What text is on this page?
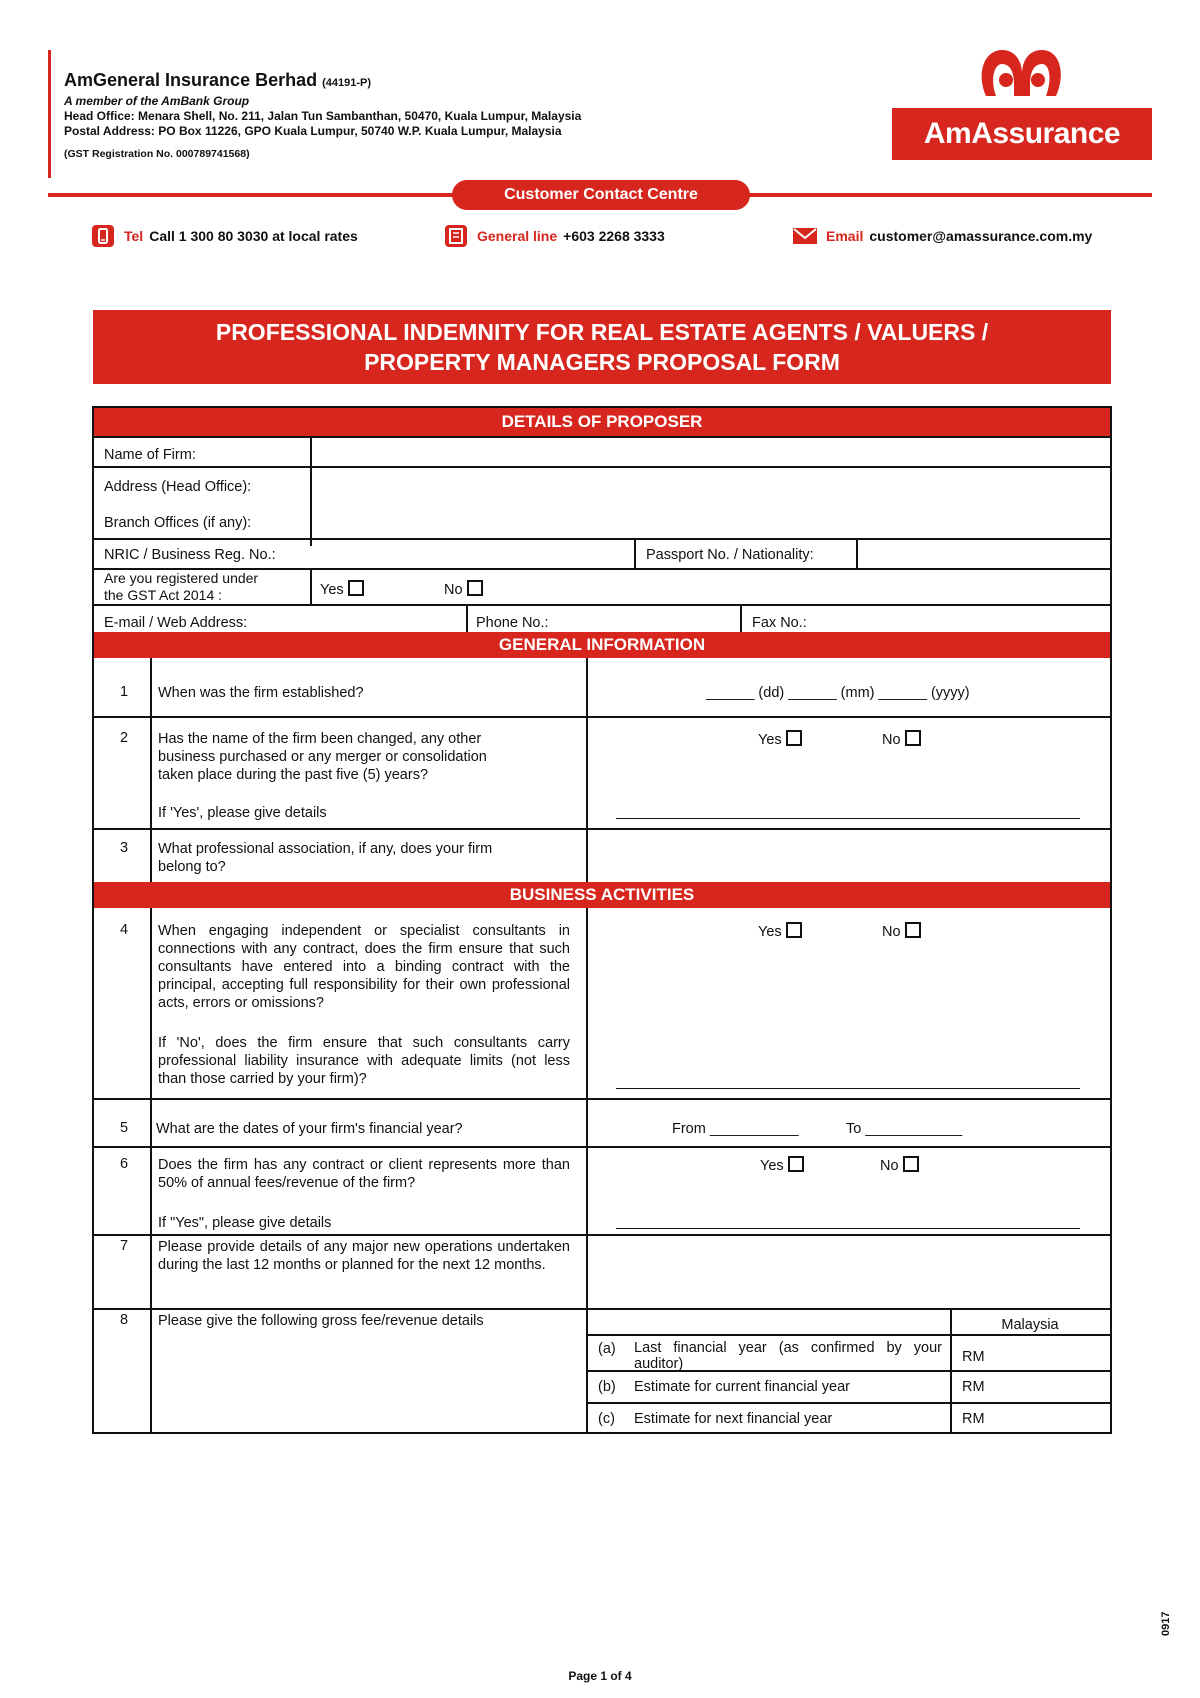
AmGeneral Insurance Berhad (44191-P)
A member of the AmBank Group
Head Office: Menara Shell, No. 211, Jalan Tun Sambanthan, 50470, Kuala Lumpur, Malaysia
Postal Address: PO Box 11226, GPO Kuala Lumpur, 50740 W.P. Kuala Lumpur, Malaysia
(GST Registration No. 000789741568)
AmAssurance
Customer Contact Centre
Tel Call 1 300 80 3030 at local rates	General line +603 2268 3333	Email customer@amassurance.com.my
PROFESSIONAL INDEMNITY FOR REAL ESTATE AGENTS / VALUERS /
PROPERTY MANAGERS PROPOSAL FORM
DETAILS OF PROPOSER
Name of Firm:
Address (Head Office):
Branch Offices (if any):
NRIC / Business Reg. No.:	Passport No. / Nationality:
Are you registered under
the GST Act 2014 :	Yes	No
E-mail / Web Address:	Phone No.:	Fax No.:
GENERAL INFORMATION
1	When was the firm established?	______ (dd) ______ (mm) ______ (yyyy)
2	Has the name of the firm been changed, any other
business purchased or any merger or consolidation
taken place during the past five (5) years?
If 'Yes', please give details
Yes	No
3	What professional association, if any, does your firm
belong to?
BUSINESS ACTIVITIES
4	When engaging independent or specialist consultants in connections with any contract, does the firm ensure that such consultants have entered into a binding contract with the principal, accepting full responsibility for their own professional acts, errors or omissions?
If 'No', does the firm ensure that such consultants carry professional liability insurance with adequate limits (not less than those carried by your firm)?
Yes	No
5	What are the dates of your firm's financial year?	From ___________	To ____________
6	Does the firm has any contract or client represents more than 50% of annual fees/revenue of the firm?
If "Yes", please give details
Yes	No
7	Please provide details of any major new operations undertaken during the last 12 months or planned for the next 12 months.
8	Please give the following gross fee/revenue details	Malaysia
(a) Last financial year (as confirmed by your auditor)	RM
(b) Estimate for current financial year	RM
(c) Estimate for next financial year	RM
Page 1 of 4
0917
